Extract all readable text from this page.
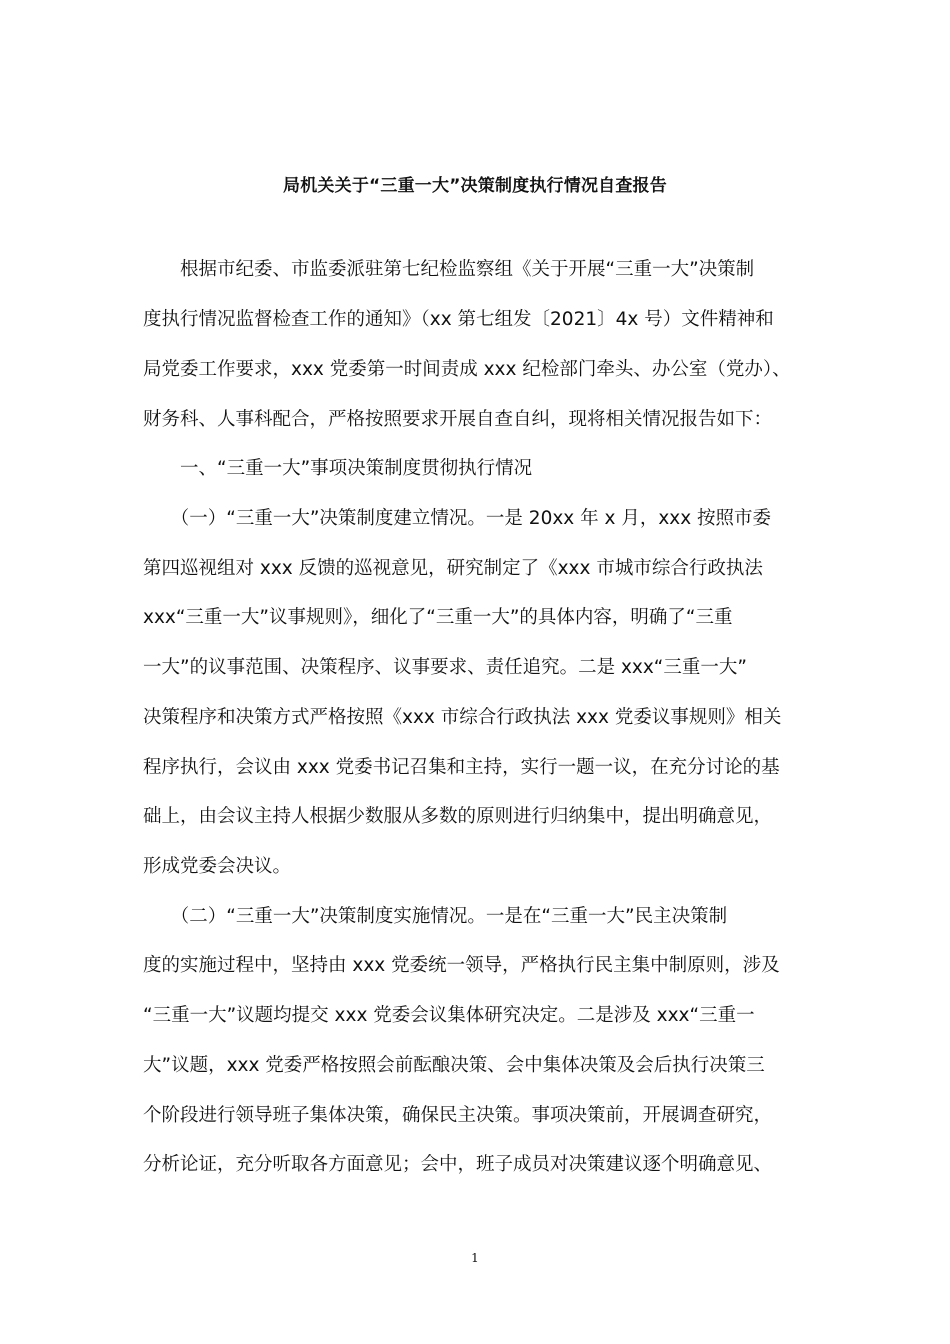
局机关关于“三重一大”决策制度执行情况自查报告
　　根据市纪委、市监委派驻第七纪检监察组《关于开展“三重一大”决策制
度执行情况监督检查工作的通知》（xx 第七组发〔2021〕4x 号）文件精神和
局党委工作要求，xxx 党委第一时间责成 xxx 纪检部门牵头、办公室（党办）、
财务科、人事科配合，严格按照要求开展自查自纠，现将相关情况报告如下：
　　一、“三重一大”事项决策制度贯彻执行情况
　　（一）“三重一大”决策制度建立情况。一是 20xx 年 x 月，xxx 按照市委
第四巡视组对 xxx 反馈的巡视意见，研究制定了《xxx 市城市综合行政执法
xxx“三重一大”议事规则》，细化了“三重一大”的具体内容，明确了“三重
一大”的议事范围、决策程序、议事要求、责任追究。二是 xxx“三重一大”
决策程序和决策方式严格按照《xxx 市综合行政执法 xxx 党委议事规则》相关
程序执行，会议由 xxx 党委书记召集和主持，实行一题一议，在充分讨论的基
础上，由会议主持人根据少数服从多数的原则进行归纳集中，提出明确意见，
形成党委会决议。
　　（二）“三重一大”决策制度实施情况。一是在“三重一大”民主决策制
度的实施过程中，坚持由 xxx 党委统一领导，严格执行民主集中制原则，涉及
“三重一大”议题均提交 xxx 党委会议集体研究决定。二是涉及 xxx“三重一
大”议题，xxx 党委严格按照会前酝酿决策、会中集体决策及会后执行决策三
个阶段进行领导班子集体决策，确保民主决策。事项决策前，开展调查研究，
分析论证，充分听取各方面意见；会中，班子成员对决策建议逐个明确意见、
1
